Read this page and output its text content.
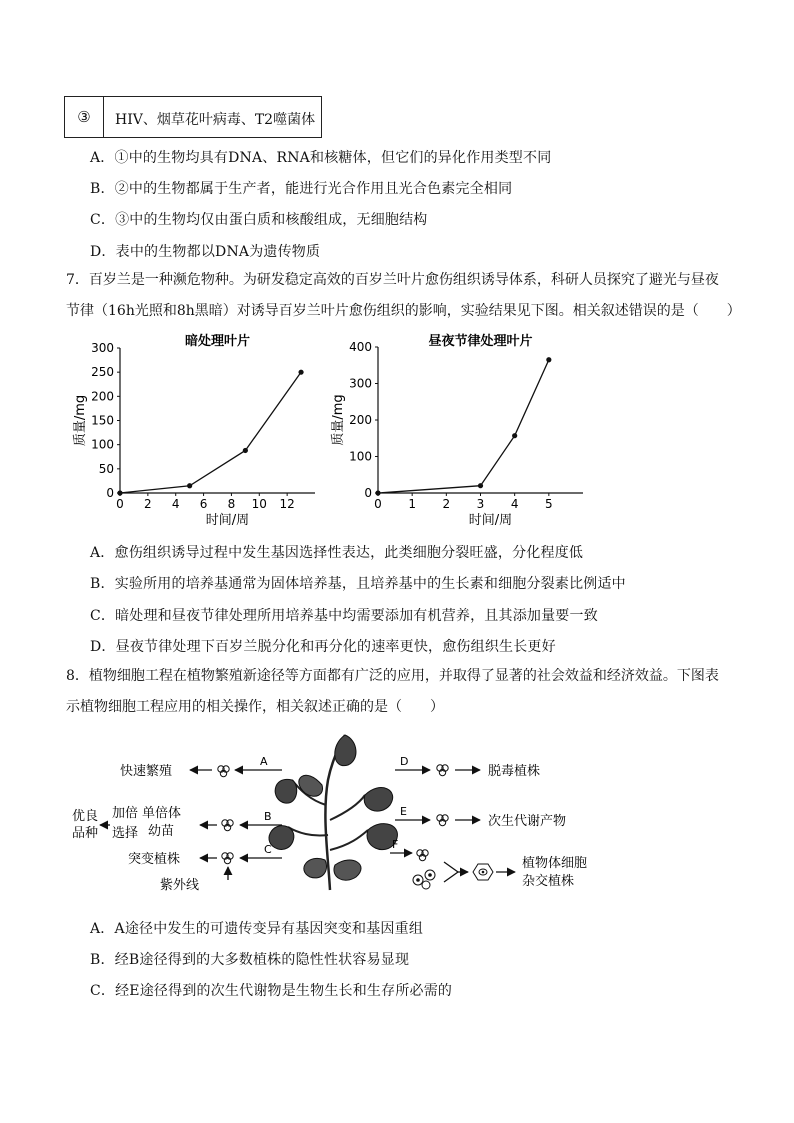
③	HIV、烟草花叶病毒、T2噬菌体
A．①中的生物均具有DNA、RNA和核糖体，但它们的异化作用类型不同
B．②中的生物都属于生产者，能进行光合作用且光合色素完全相同
C．③中的生物均仅由蛋白质和核酸组成，无细胞结构
D．表中的生物都以DNA为遗传物质
7．百岁兰是一种濒危物种。为研发稳定高效的百岁兰叶片愈伤组织诱导体系，科研人员探究了避光与昼夜
节律（16h光照和8h黑暗）对诱导百岁兰叶片愈伤组织的影响，实验结果见下图。相关叙述错误的是（　　）
0 2 4 6 8 10 12
0
50
100
150
200
250
300	暗处理叶片
时间/周
质量/mg
0 1 2 3 4 5
0
100
200
300
400	昼夜节律处理叶片
时间/周
质量/mg
A．愈伤组织诱导过程中发生基因选择性表达，此类细胞分裂旺盛，分化程度低
B．实验所用的培养基通常为固体培养基，且培养基中的生长素和细胞分裂素比例适中
C．暗处理和昼夜节律处理所用培养基中均需要添加有机营养，且其添加量要一致
D．昼夜节律处理下百岁兰脱分化和再分化的速率更快，愈伤组织生长更好
8．植物细胞工程在植物繁殖新途径等方面都有广泛的应用，并取得了显著的社会效益和经济效益。下图表
示植物细胞工程应用的相关操作，相关叙述正确的是（　　）
A
快速繁殖
B
单倍体
幼苗
加倍
选择
优良
品种
C
突变植株
紫外线
D
脱毒植株
E
次生代谢产物
F
植物体细胞
杂交植株
A．A途径中发生的可遗传变异有基因突变和基因重组
B．经B途径得到的大多数植株的隐性性状容易显现
C．经E途径得到的次生代谢物是生物生长和生存所必需的
